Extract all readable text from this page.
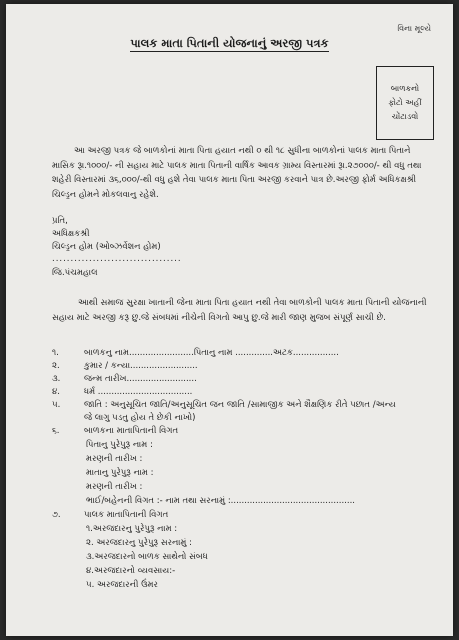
વિના મૂલ્યે
પાલક માતા પિતાની યોજનાનું અરજી પત્રક
બાળકનો
ફોટો અહીં
ચોંટાડવો
આ અરજી પત્રક જે બાળકોનાં માતા પિતા હયાત નથી ૦ થી ૧૮ સુધીના બાળકોનાં પાલક માતા પિતાને માસિક રૂા.૧૦૦૦/- ની સહાય માટે પાલક માતા પિતાની વાર્ષિક આવક ગ્રામ્ય વિસ્તારમાં રૂા.૨૭૦૦૦/- થી વધુ તથા શહેરી વિસ્તારમાં ૩૬,૦૦૦/-થી વધુ હશે તેવા પાલક માતા પિતા અરજી કરવાને પાત્ર છે.અરજી ફોર્મ અધિકક્ષશ્રી ચિલ્ડ્રન હોમને મોકલવાનુ રહેશે.
પ્રતિ,
અધિક્ષકશ્રી
ચિલ્ડ્રન હોમ (ઓબ્ઝર્વેશન હોમ)
...................................
જિ.પંચમહાલ
આથી સમાજ સુરક્ષા ખાતાની જેના માતા પિતા હયાત નથી તેવા બાળકોની પાલક માતા પિતાની યોજનાની સહાય માટે અરજી કરૂ છુ.જે સંબધમાં નીચેની વિગતો આપુ છુ.જે મારી જાણ મુજબ સંપૂર્ણ સાચી છે.
૧.	બાળકનુ નામ........................પિતાનુ નામ ..............અટક.................
૨.	કુમાર / કન્યા.........................
૩.	જન્મ તારીખ..........................
૪.	ધર્મ ...................................
૫.	જાતિ : અનુસૂચિત જાતિ/અનુસૂચિત જન જાતિ /સામાજીક અને શૈક્ષણિક રીતે પછાત /અન્ય
જે લાગુ પડતુ હોય તે છેકી નાખો)
૬.	બાળકના માતાપિતાની વિગત
પિતાનુ પુરેપુરૂ નામ :
મરણની તારીખ :
માતાનુ પુરેપુરૂ નામ :
મરણની તારીખ :
ભાઈ/બહેનની વિગત :- નામ તથા સરનામું :..............................................
૭.	પાલક માતાપિતાની વિગત
૧.અરજદારનુ પુરેપુરૂ નામ :
૨. અરજદારનુ પુરેપુરૂ સરનામું :
૩.અરજદારનો બાળક સાથેનો સંબધ
૪.અરજદારનો વ્યવસાય:-
૫. અરજદારની ઉંમર
